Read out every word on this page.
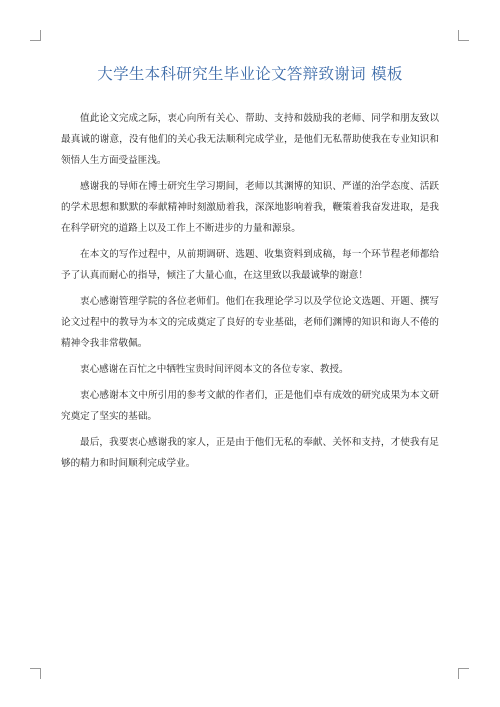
大学生本科研究生毕业论文答辩致谢词 模板

值此论文完成之际，衷心向所有关心、帮助、支持和鼓励我的老师、同学和朋友致以最真诚的谢意，没有他们的关心我无法顺利完成学业，是他们无私帮助使我在专业知识和领悟人生方面受益匪浅。

感谢我的导师在博士研究生学习期间，老师以其渊博的知识、严谨的治学态度、活跃的学术思想和默默的奉献精神时刻激励着我，深深地影响着我，鞭策着我奋发进取，是我在科学研究的道路上以及工作上不断进步的力量和源泉。

在本文的写作过程中，从前期调研、选题、收集资料到成稿，每一个环节程老师都给予了认真而耐心的指导，倾注了大量心血，在这里致以我最诚挚的谢意！

衷心感谢管理学院的各位老师们。他们在我理论学习以及学位论文选题、开题、撰写论文过程中的教导为本文的完成奠定了良好的专业基础，老师们渊博的知识和诲人不倦的精神令我非常敬佩。

衷心感谢在百忙之中牺牲宝贵时间评阅本文的各位专家、教授。

衷心感谢本文中所引用的参考文献的作者们，正是他们卓有成效的研究成果为本文研究奠定了坚实的基础。

最后，我要衷心感谢我的家人，正是由于他们无私的奉献、关怀和支持，才使我有足够的精力和时间顺利完成学业。
